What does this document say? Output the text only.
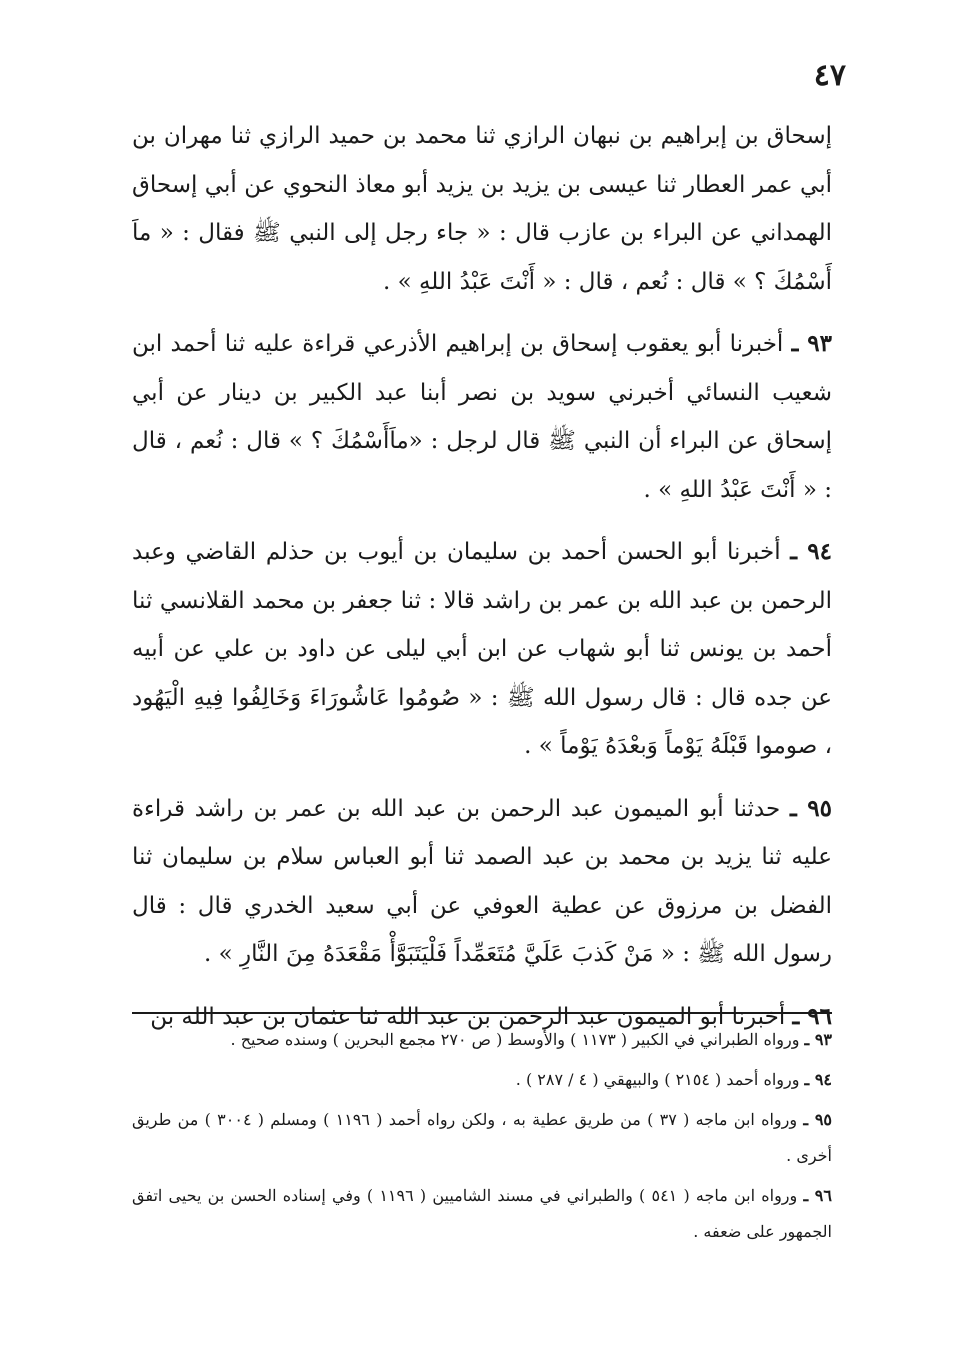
٤٧

إسحاق بن إبراهيم بن نبهان الرازي ثنا محمد بن حميد الرازي ثنا مهران بن أبي عمر العطار ثنا عيسى بن يزيد بن يزيد أبو معاذ النحوي عن أبي إسحاق الهمداني عن البراء بن عازب قال : « جاء رجل إلى النبي ﷺ فقال : « ماَ أَسْمُكَ ؟ » قال : نُعم ، قال : « أَنْتَ عَبْدُ اللهِ » .

٩٣ ـ أخبرنا أبو يعقوب إسحاق بن إبراهيم الأذرعي قراءة عليه ثنا أحمد ابن شعيب النسائي أخبرني سويد بن نصر أبنا عبد الكبير بن دينار عن أبي إسحاق عن البراء أن النبي ﷺ قال لرجل : «ماَأَسْمُكَ ؟ » قال : نُعم ، قال : « أَنْتَ عَبْدُ اللهِ » .

٩٤ ـ أخبرنا أبو الحسن أحمد بن سليمان بن أيوب بن حذلم القاضي وعبد الرحمن بن عبد الله بن عمر بن راشد قالا : ثنا جعفر بن محمد القلانسي ثنا أحمد بن يونس ثنا أبو شهاب عن ابن أبي ليلى عن داود بن علي عن أبيه عن جده قال : قال رسول الله ﷺ : « صُومُوا عَاشُورَاءَ وَخَالِفُوا فِيهِ الْيَهُود ، صوموا قَبْلَهُ يَوْماً وَبعْدَهُ يَوْماً » .

٩٥ ـ حدثنا أبو الميمون عبد الرحمن بن عبد الله بن عمر بن راشد قراءة عليه ثنا يزيد بن محمد بن عبد الصمد ثنا أبو العباس سلام بن سليمان ثنا الفضل بن مرزوق عن عطية العوفي عن أبي سعيد الخدري قال : قال رسول الله ﷺ : « مَنْ كَذبَ عَلَيَّ مُتَعَمِّداً فَلْيَتَبَوَّأْ مَقْعَدَهُ مِنَ النَّارِ » .

٩٦ ـ أخبرنا أبو الميمون عبد الرحمن بن عبد الله ثنا عثمان بن عبد الله بن

٩٣ ـ ورواه الطبراني في الكبير ( ١١٧٣ ) والأوسط ( ص ٢٧٠ مجمع البحرين ) وسنده صحيح .

٩٤ ـ ورواه أحمد ( ٢١٥٤ ) والبيهقي ( ٤ / ٢٨٧ ) .

٩٥ ـ ورواه ابن ماجه ( ٣٧ ) من طريق عطية به ، ولكن رواه أحمد ( ١١٩٦ ) ومسلم ( ٣٠٠٤ ) من طريق أخرى .

٩٦ ـ ورواه ابن ماجه ( ٥٤١ ) والطبراني في مسند الشاميين ( ١١٩٦ ) وفي إسناده الحسن بن يحيى اتفق الجمهور على ضعفه .
